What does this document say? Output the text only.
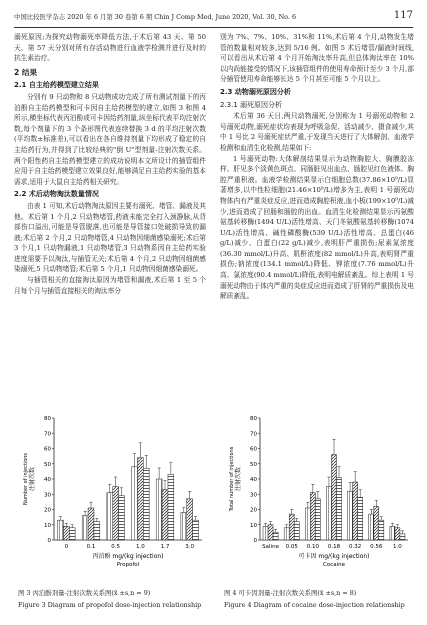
中国比较医学杂志 2020 年 6 月第 30 卷第 6 期 Chin J Comp Med, June 2020, Vol. 30, No. 6	117

溺死原因;为探究动物溺死率降低方法,于术后第 43 天、第 50 天、第 57 天分别对所有存活动物进行血液学检测并进行及时的抗生素治疗。

2 结果
2.1 自主给药模型建立结果

分别有 9 只动物和 8 只动物成功完成了所有测试剂量下的丙泊酚自主给药模型和可卡因自主给药模型的建立,如图 3 和图 4 所示,横坐标代表丙泊酚或可卡因给药剂量,纵坐标代表平均注射次数,每个剂量下的 3 个条形图代表连续替换 3 d 的平均注射次数(平均数±标准差),可以看出在各自维持剂量下均形成了稳定的自主给药行为,并得到了比较经典的"倒 U"型剂量-注射次数关系。两个阳性药自主给药模型建立的成功说明本文所设计的插管组件应用于自主给药模型建立效果良好,能够满足自主给药实验的基本需求,适用于大鼠自主给药相关研究。

2.2 术后动物淘汰数量情况

由表 1 可知,术后动物淘汰原因主要有溺死、堵管、漏液及其他。术后第 1 个月,2 只动物堵管,药液未能完全打入颈静脉,从背部伤口溢出,可能是导管脱落,也可能是导管接口处破损导致的漏液;术后第 2 个月,2 只动物堵管,4 只动物因细菌感染溺死;术后第 3 个月,1 只动物漏液,1 只动物堵管,3 只动物系因自主给药实验进度需要予以淘汰,与插管无关;术后第 4 个月,2 只动物因细菌感染溺死,5 只动物堵管;术后第 5 个月,1 只动物因细菌感染溺死。

与插管相关的直接淘汰原因为堵管和漏液,术后第 1 至 5 个月每个月与插管直接相关的淘汰率分

别为 7%、7%、10%、31%和 11%,术后第 4 个月,动物发生堵管的数量相对较多,达到 5/16 例。如图 5 术后堵管/漏液时间线,可以看出从术后第 4 个月开始淘汰率升高,但总体淘汰率在 10%以内尚能接受的情况下,该插管组件的使用寿命预计至少 3 个月,部分插管使用寿命能够长达 5 个月甚至可能 5 个月以上。

2.3 动物溺死原因分析
2.3.1 溺死原因分析

术后第 36 天日,两只动物溺死,分别称为 1 号溺死动物和 2 号溺死动物,溺死症状均表现为呼吸急促、活动减少、摄食减少,其中 1 号比 2 号溺死症状严重,于发现当天进行了大体解剖、血液学检测和血清生化检测,结果如下:

1 号溺死动物:大体解剖结果显示为动物胸腔大、胸膜胶冻样、肝见多个淡黄色斑点、同肠脏见出血点、肠腔见红色液体、胸腔严重积液。血液学检测结果显示白细胞总数(37.86×10⁹/L)显著增多,以中性粒细胞(21.46×10⁹/L)增多为主,表明 1 号溺死动物体内有严重炎症反应,进而造成胸腔积液,血小板(199×10⁹/L)减少,进而造成了回肠和肠腔的出血。血清生化检测结果显示丙氨酸氨基转移酶(1494 U/L)活性增高、天门冬氨酸氨基转移酶(1074 U/L)活性增高、碱性磷酸酶(539 U/L)活性增高、总蛋白(46 g/L)减少、白蛋白(22 g/L)减少,表明肝严重损伤;尿素氮浓度(36.30 mmol/L)升高、肌酐浓度(82 mmol/L)升高,表明肾严重损伤;钠浓度(134.1 mmol/L)降低、钾浓度(7.76 mmol/L)升高、氯浓度(90.4 mmol/L)降低,表明电解质紊乱。综上表明 1 号溺死动物由于体内严重的炎症反应进而造成了肝肾的严重损伤及电解质紊乱。

0
10
20
30
40
50
60
70
80
注射次数
Number of injections
0	0.1	0.5	1.0	1.7	3.0
丙泊酚 mg/(kg injection)
Propofol
图 3 丙泊酚剂量-注射次数关系图(x̄ ±s,n = 9)
Figure 3 Diagram of propofol dose-injection relationship
0
10
20
30
40
50
60
70
80
注射次数
Total number of injections
Saline 0.05 0.10 0.18 0.32 0.56 1.0
可卡因 mg/(kg injection)
Cocaine
图 4 可卡因剂量-注射次数关系图(x̄ ±s,n = 8)
Figure 4 Diagram of cocaine dose-injection relationship
